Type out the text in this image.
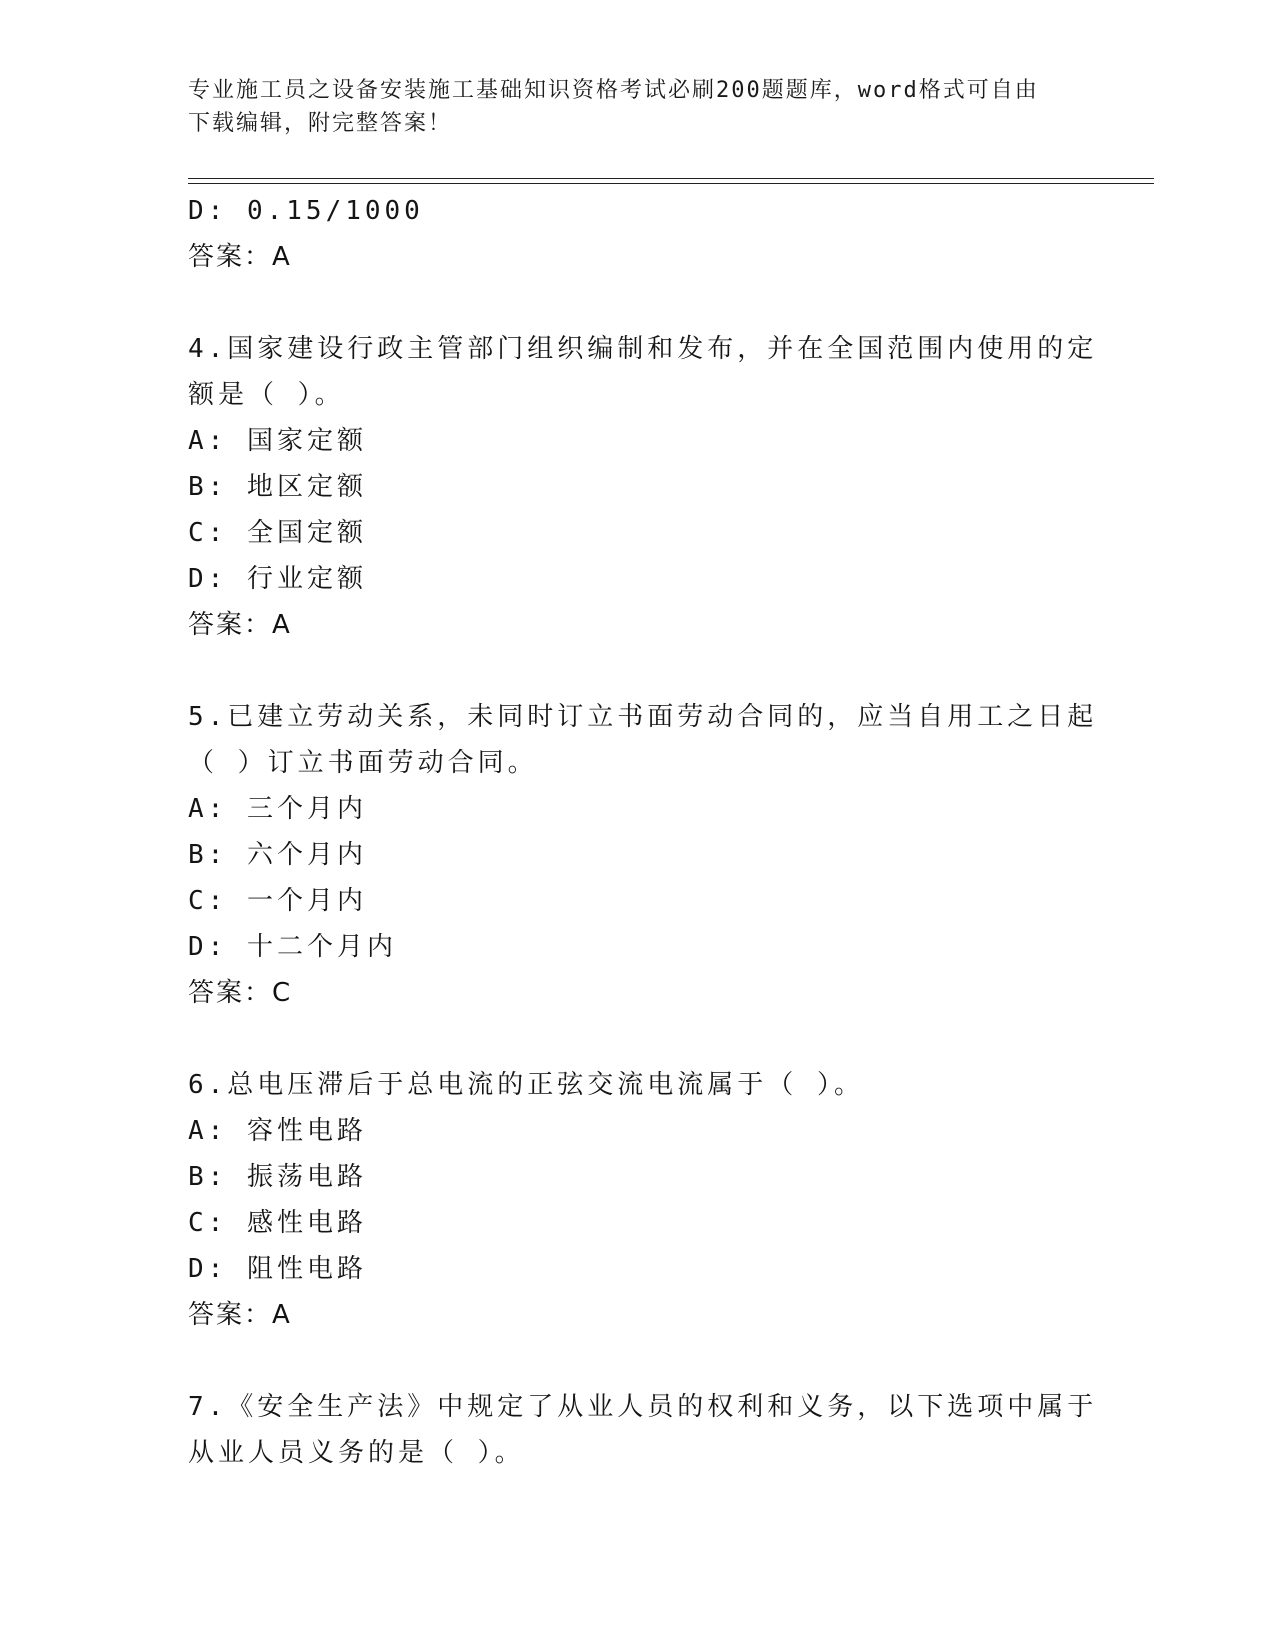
专业施工员之设备安装施工基础知识资格考试必刷200题题库，word格式可自由
下载编辑，附完整答案！
D: 0.15/1000
答案：A
4.国家建设行政主管部门组织编制和发布，并在全国范围内使用的定
额是（ ）。
A: 国家定额
B: 地区定额
C: 全国定额
D: 行业定额
答案：A
5.已建立劳动关系，未同时订立书面劳动合同的，应当自用工之日起
（ ）订立书面劳动合同。
A: 三个月内
B: 六个月内
C: 一个月内
D: 十二个月内
答案：C
6.总电压滞后于总电流的正弦交流电流属于（ ）。
A: 容性电路
B: 振荡电路
C: 感性电路
D: 阻性电路
答案：A
7.《安全生产法》中规定了从业人员的权利和义务，以下选项中属于
从业人员义务的是（ ）。
